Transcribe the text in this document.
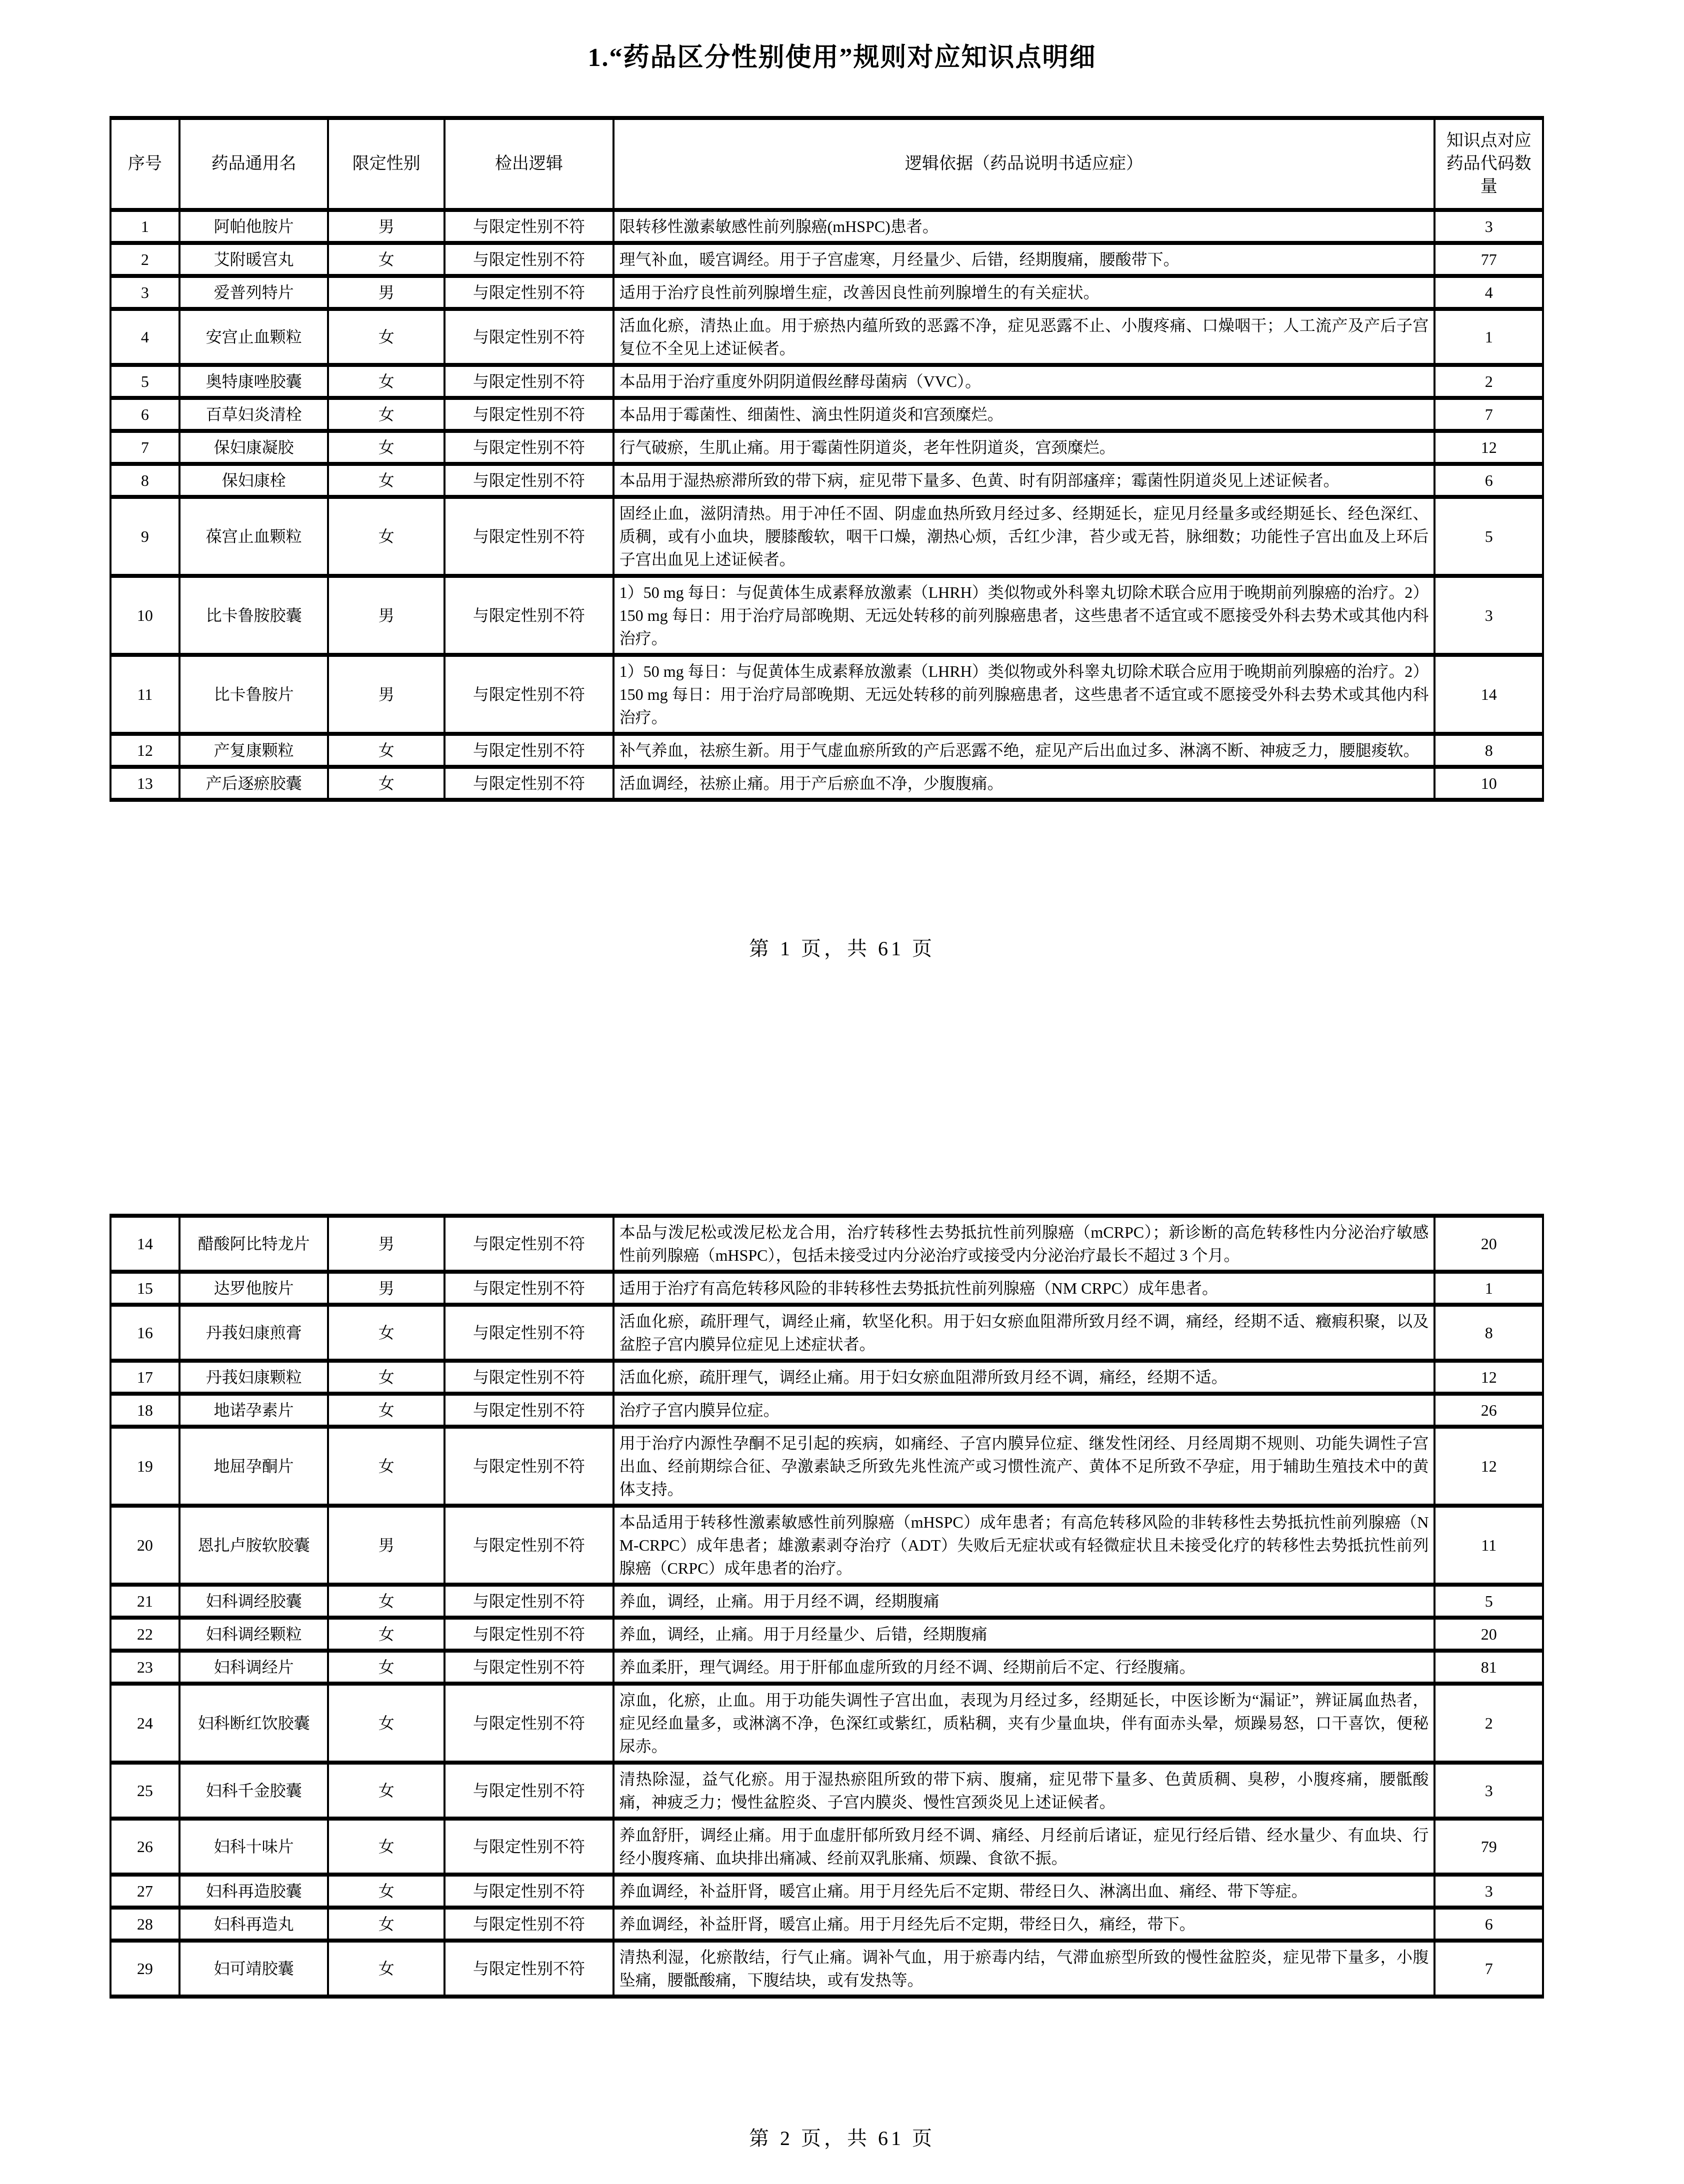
1.“药品区分性别使用”规则对应知识点明细
序号	药品通用名	限定性别	检出逻辑	逻辑依据（药品说明书适应症）	知识点对应药品代码数量
1	阿帕他胺片	男	与限定性别不符	限转移性激素敏感性前列腺癌(mHSPC)患者。	3
2	艾附暖宫丸	女	与限定性别不符	理气补血，暖宫调经。用于子宫虚寒，月经量少、后错，经期腹痛，腰酸带下。	77
3	爱普列特片	男	与限定性别不符	适用于治疗良性前列腺增生症，改善因良性前列腺增生的有关症状。	4
4	安宫止血颗粒	女	与限定性别不符	活血化瘀，清热止血。用于瘀热内蕴所致的恶露不净，症见恶露不止、小腹疼痛、口燥咽干；人工流产及产后子宫复位不全见上述证候者。	1
5	奥特康唑胶囊	女	与限定性别不符	本品用于治疗重度外阴阴道假丝酵母菌病（VVC）。	2
6	百草妇炎清栓	女	与限定性别不符	本品用于霉菌性、细菌性、滴虫性阴道炎和宫颈糜烂。	7
7	保妇康凝胶	女	与限定性别不符	行气破瘀，生肌止痛。用于霉菌性阴道炎，老年性阴道炎，宫颈糜烂。	12
8	保妇康栓	女	与限定性别不符	本品用于湿热瘀滞所致的带下病，症见带下量多、色黄、时有阴部瘙痒；霉菌性阴道炎见上述证候者。	6
9	葆宫止血颗粒	女	与限定性别不符	固经止血，滋阴清热。用于冲任不固、阴虚血热所致月经过多、经期延长，症见月经量多或经期延长、经色深红、质稠，或有小血块，腰膝酸软，咽干口燥，潮热心烦，舌红少津，苔少或无苔，脉细数；功能性子宫出血及上环后子宫出血见上述证候者。	5
10	比卡鲁胺胶囊	男	与限定性别不符	1）50 mg 每日：与促黄体生成素释放激素（LHRH）类似物或外科睾丸切除术联合应用于晚期前列腺癌的治疗。2）150 mg 每日：用于治疗局部晚期、无远处转移的前列腺癌患者，这些患者不适宜或不愿接受外科去势术或其他内科治疗。	3
11	比卡鲁胺片	男	与限定性别不符	1）50 mg 每日：与促黄体生成素释放激素（LHRH）类似物或外科睾丸切除术联合应用于晚期前列腺癌的治疗。2）150 mg 每日：用于治疗局部晚期、无远处转移的前列腺癌患者，这些患者不适宜或不愿接受外科去势术或其他内科治疗。	14
12	产复康颗粒	女	与限定性别不符	补气养血，祛瘀生新。用于气虚血瘀所致的产后恶露不绝，症见产后出血过多、淋漓不断、神疲乏力，腰腿痠软。	8
13	产后逐瘀胶囊	女	与限定性别不符	活血调经，祛瘀止痛。用于产后瘀血不净，少腹腹痛。	10
第 1 页，共 61 页
14	醋酸阿比特龙片	男	与限定性别不符	本品与泼尼松或泼尼松龙合用，治疗转移性去势抵抗性前列腺癌（mCRPC）；新诊断的高危转移性内分泌治疗敏感性前列腺癌（mHSPC），包括未接受过内分泌治疗或接受内分泌治疗最长不超过 3 个月。	20
15	达罗他胺片	男	与限定性别不符	适用于治疗有高危转移风险的非转移性去势抵抗性前列腺癌（NM CRPC）成年患者。	1
16	丹莪妇康煎膏	女	与限定性别不符	活血化瘀，疏肝理气，调经止痛，软坚化积。用于妇女瘀血阻滞所致月经不调，痛经，经期不适、癥瘕积聚，以及盆腔子宫内膜异位症见上述症状者。	8
17	丹莪妇康颗粒	女	与限定性别不符	活血化瘀，疏肝理气，调经止痛。用于妇女瘀血阻滞所致月经不调，痛经，经期不适。	12
18	地诺孕素片	女	与限定性别不符	治疗子宫内膜异位症。	26
19	地屈孕酮片	女	与限定性别不符	用于治疗内源性孕酮不足引起的疾病，如痛经、子宫内膜异位症、继发性闭经、月经周期不规则、功能失调性子宫出血、经前期综合征、孕激素缺乏所致先兆性流产或习惯性流产、黄体不足所致不孕症，用于辅助生殖技术中的黄体支持。	12
20	恩扎卢胺软胶囊	男	与限定性别不符	本品适用于转移性激素敏感性前列腺癌（mHSPC）成年患者；有高危转移风险的非转移性去势抵抗性前列腺癌（NM-CRPC）成年患者；雄激素剥夺治疗（ADT）失败后无症状或有轻微症状且未接受化疗的转移性去势抵抗性前列腺癌（CRPC）成年患者的治疗。	11
21	妇科调经胶囊	女	与限定性别不符	养血，调经，止痛。用于月经不调，经期腹痛	5
22	妇科调经颗粒	女	与限定性别不符	养血，调经，止痛。用于月经量少、后错，经期腹痛	20
23	妇科调经片	女	与限定性别不符	养血柔肝，理气调经。用于肝郁血虚所致的月经不调、经期前后不定、行经腹痛。	81
24	妇科断红饮胶囊	女	与限定性别不符	凉血，化瘀，止血。用于功能失调性子宫出血，表现为月经过多，经期延长，中医诊断为“漏证”，辨证属血热者，症见经血量多，或淋漓不净，色深红或紫红，质粘稠，夹有少量血块，伴有面赤头晕，烦躁易怒，口干喜饮，便秘尿赤。	2
25	妇科千金胶囊	女	与限定性别不符	清热除湿，益气化瘀。用于湿热瘀阻所致的带下病、腹痛，症见带下量多、色黄质稠、臭秽，小腹疼痛，腰骶酸痛，神疲乏力；慢性盆腔炎、子宫内膜炎、慢性宫颈炎见上述证候者。	3
26	妇科十味片	女	与限定性别不符	养血舒肝，调经止痛。用于血虚肝郁所致月经不调、痛经、月经前后诸证，症见行经后错、经水量少、有血块、行经小腹疼痛、血块排出痛减、经前双乳胀痛、烦躁、食欲不振。	79
27	妇科再造胶囊	女	与限定性别不符	养血调经，补益肝肾，暖宫止痛。用于月经先后不定期、带经日久、淋漓出血、痛经、带下等症。	3
28	妇科再造丸	女	与限定性别不符	养血调经，补益肝肾，暖宫止痛。用于月经先后不定期，带经日久，痛经，带下。	6
29	妇可靖胶囊	女	与限定性别不符	清热利湿，化瘀散结，行气止痛。调补气血，用于瘀毒内结，气滞血瘀型所致的慢性盆腔炎，症见带下量多，小腹坠痛，腰骶酸痛，下腹结块，或有发热等。	7
第 2 页，共 61 页
